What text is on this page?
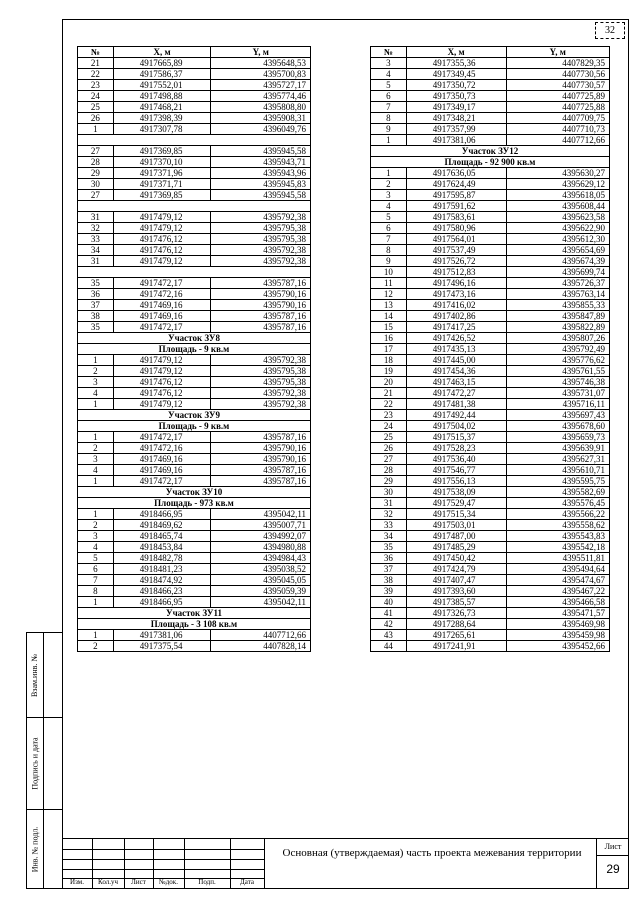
32
Взам.инв. №
Подпись и дата
Инв. № подл.
№	X, м	Y, м
21	4917665,89	4395648,53
22	4917586,37	4395700,83
23	4917552,01	4395727,17
24	4917498,88	4395774,46
25	4917468,21	4395808,80
26	4917398,39	4395908,31
1	4917307,78	4396049,76

27	4917369,85	4395945,58
28	4917370,10	4395943,71
29	4917371,96	4395943,96
30	4917371,71	4395945,83
27	4917369,85	4395945,58

31	4917479,12	4395792,38
32	4917479,12	4395795,38
33	4917476,12	4395795,38
34	4917476,12	4395792,38
31	4917479,12	4395792,38

35	4917472,17	4395787,16
36	4917472,16	4395790,16
37	4917469,16	4395790,16
38	4917469,16	4395787,16
35	4917472,17	4395787,16
Участок ЗУ8		
Площадь - 9 кв.м		
1	4917479,12	4395792,38
2	4917479,12	4395795,38
3	4917476,12	4395795,38
4	4917476,12	4395792,38
1	4917479,12	4395792,38
Участок ЗУ9		
Площадь - 9 кв.м		
1	4917472,17	4395787,16
2	4917472,16	4395790,16
3	4917469,16	4395790,16
4	4917469,16	4395787,16
1	4917472,17	4395787,16
Участок ЗУ10		
Площадь - 973 кв.м		
1	4918466,95	4395042,11
2	4918469,62	4395007,71
3	4918465,74	4394992,07
4	4918453,84	4394980,88
5	4918482,78	4394984,43
6	4918481,23	4395038,52
7	4918474,92	4395045,05
8	4918466,23	4395059,39
1	4918466,95	4395042,11
Участок ЗУ11		
Площадь - 3 108 кв.м		
1	4917381,06	4407712,66
2	4917375,54	4407828,14
№	X, м	Y, м
3	4917355,36	4407829,35
4	4917349,45	4407730,56
5	4917350,72	4407730,57
6	4917350,73	4407725,89
7	4917349,17	4407725,88
8	4917348,21	4407709,75
9	4917357,99	4407710,73
1	4917381,06	4407712,66
Участок ЗУ12		
Площадь - 92 900 кв.м		
1	4917636,05	4395630,27
2	4917624,49	4395629,12
3	4917595,87	4395618,05
4	4917591,62	4395608,44
5	4917583,61	4395623,58
6	4917580,96	4395622,90
7	4917564,01	4395612,30
8	4917537,49	4395654,69
9	4917526,72	4395674,39
10	4917512,83	4395699,74
11	4917496,16	4395726,37
12	4917473,16	4395763,14
13	4917416,02	4395855,33
14	4917402,86	4395847,89
15	4917417,25	4395822,89
16	4917426,52	4395807,26
17	4917435,13	4395792,49
18	4917445,00	4395776,62
19	4917454,36	4395761,55
20	4917463,15	4395746,38
21	4917472,27	4395731,07
22	4917481,38	4395716,11
23	4917492,44	4395697,43
24	4917504,02	4395678,60
25	4917515,37	4395659,73
26	4917528,23	4395639,91
27	4917536,40	4395627,31
28	4917546,77	4395610,71
29	4917556,13	4395595,75
30	4917538,09	4395582,69
31	4917529,47	4395576,45
32	4917515,34	4395566,22
33	4917503,01	4395558,62
34	4917487,00	4395543,83
35	4917485,29	4395542,18
36	4917450,42	4395511,81
37	4917424,79	4395494,64
38	4917407,47	4395474,67
39	4917393,60	4395467,22
40	4917385,57	4395466,58
41	4917326,73	4395471,57
42	4917288,64	4395469,98
43	4917265,61	4395459,98
44	4917241,91	4395452,66
Изм.	Кол.уч	Лист	№док.	Подп.	Дата
Основная (утверждаемая) часть проекта межевания территории
Лист
29
